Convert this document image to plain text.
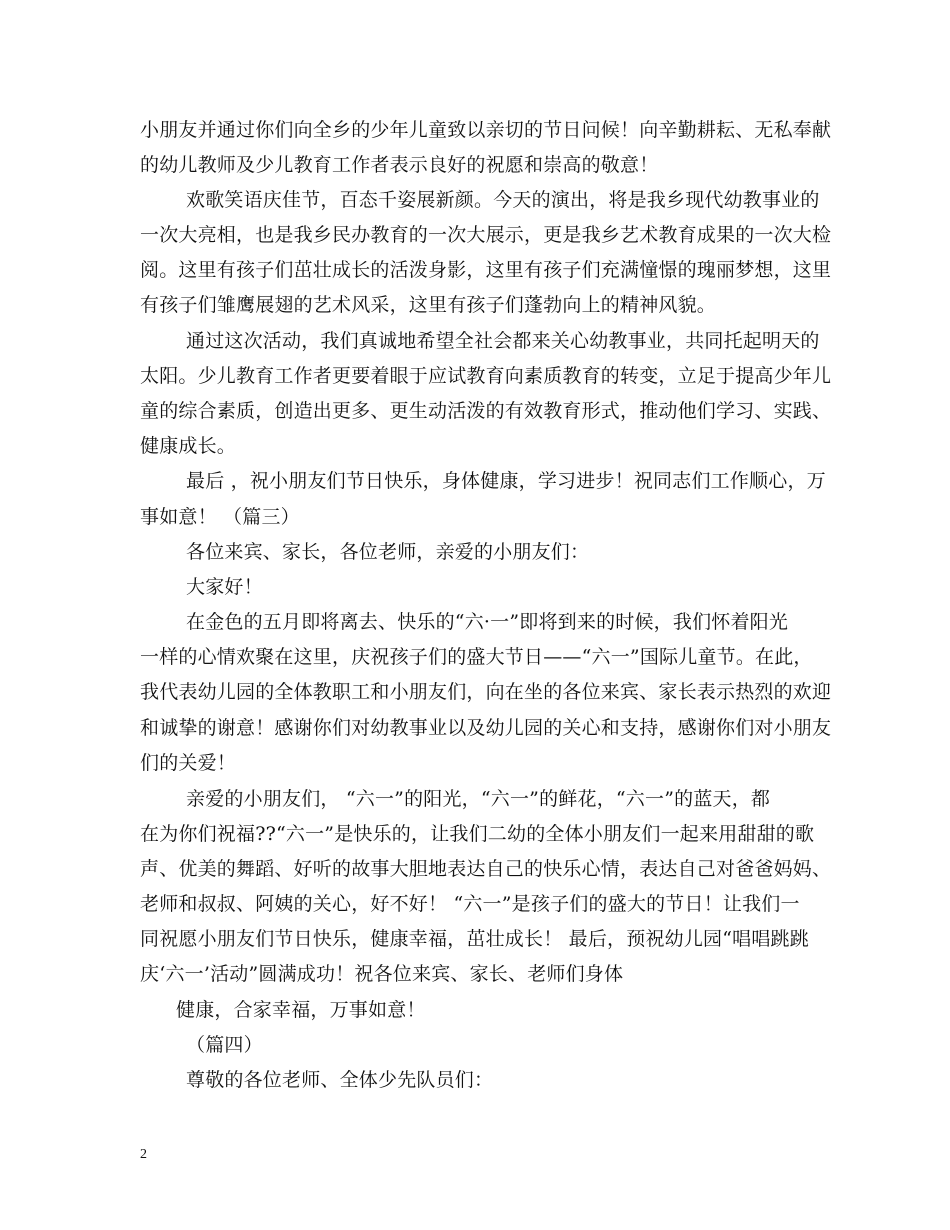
小朋友并通过你们向全乡的少年儿童致以亲切的节日问候！向辛勤耕耘、无私奉献
的幼儿教师及少儿教育工作者表示良好的祝愿和崇高的敬意！
欢歌笑语庆佳节，百态千姿展新颜。今天的演出，将是我乡现代幼教事业的
一次大亮相，也是我乡民办教育的一次大展示，更是我乡艺术教育成果的一次大检
阅。这里有孩子们茁壮成长的活泼身影，这里有孩子们充满憧憬的瑰丽梦想，这里
有孩子们雏鹰展翅的艺术风采，这里有孩子们蓬勃向上的精神风貌。
通过这次活动，我们真诚地希望全社会都来关心幼教事业，共同托起明天的
太阳。少儿教育工作者更要着眼于应试教育向素质教育的转变，立足于提高少年儿
童的综合素质，创造出更多、更生动活泼的有效教育形式，推动他们学习、实践、
健康成长。
最后 ，祝小朋友们节日快乐，身体健康，学习进步！祝同志们工作顺心，万
事如意！ （篇三）
各位来宾、家长，各位老师，亲爱的小朋友们：
大家好！
在金色的五月即将离去、快乐的“六·一”即将到来的时候，我们怀着阳光
一样的心情欢聚在这里，庆祝孩子们的盛大节日——“六一”国际儿童节。在此，
我代表幼儿园的全体教职工和小朋友们，向在坐的各位来宾、家长表示热烈的欢迎
和诚挚的谢意！感谢你们对幼教事业以及幼儿园的关心和支持，感谢你们对小朋友
们的关爱！
亲爱的小朋友们， “六一”的阳光，“六一”的鲜花，“六一”的蓝天，都
在为你们祝福??“六一”是快乐的，让我们二幼的全体小朋友们一起来用甜甜的歌
声、优美的舞蹈、好听的故事大胆地表达自己的快乐心情，表达自己对爸爸妈妈、
老师和叔叔、阿姨的关心，好不好！ “六一”是孩子们的盛大的节日！让我们一
同祝愿小朋友们节日快乐，健康幸福，茁壮成长！ 最后，预祝幼儿园“唱唱跳跳
庆‘六一’活动”圆满成功！祝各位来宾、家长、老师们身体
健康，合家幸福，万事如意！
（篇四）
尊敬的各位老师、全体少先队员们：
2
